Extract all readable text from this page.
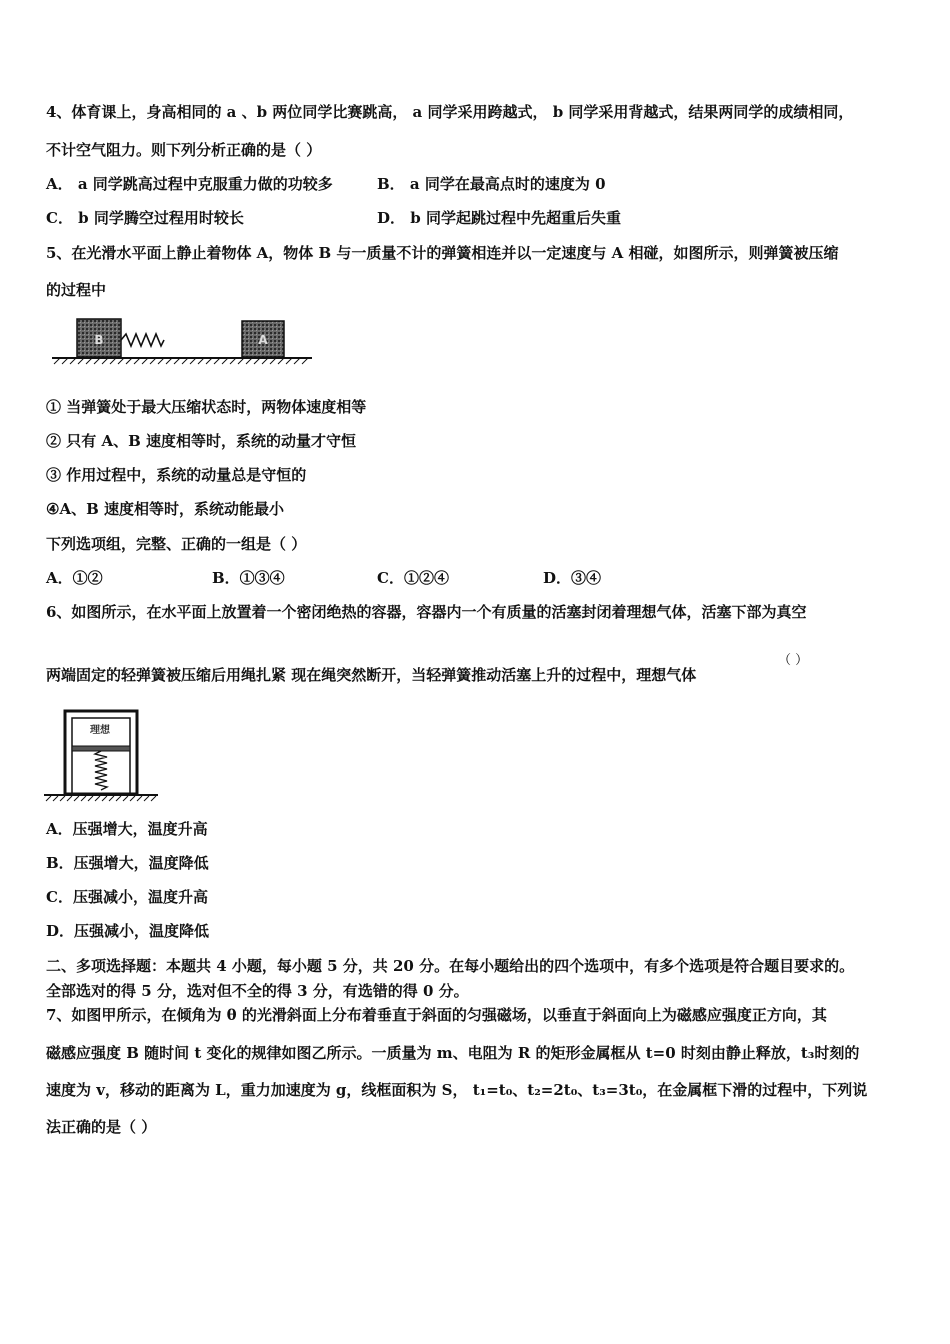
4、体育课上，身高相同的 a 、b 两位同学比赛跳高， a 同学采用跨越式， b 同学采用背越式，结果两同学的成绩相同，
不计空气阻力。则下列分析正确的是（ ）
A． a 同学跳高过程中克服重力做的功较多	B． a 同学在最高点时的速度为 0
C． b 同学腾空过程用时较长	D． b 同学起跳过程中先超重后失重
5、在光滑水平面上静止着物体 A，物体 B 与一质量不计的弹簧相连并以一定速度与 A 相碰，如图所示，则弹簧被压缩
的过程中
B	A
① 当弹簧处于最大压缩状态时，两物体速度相等
② 只有 A、B 速度相等时，系统的动量才守恒
③ 作用过程中，系统的动量总是守恒的
④A、B 速度相等时，系统动能最小
下列选项组，完整、正确的一组是（ ）
A．①②	B．①③④	C．①②④	D．③④
6、如图所示，在水平面上放置着一个密闭绝热的容器，容器内一个有质量的活塞封闭着理想气体，活塞下部为真空
两端固定的轻弹簧被压缩后用绳扎紧 现在绳突然断开，当轻弹簧推动活塞上升的过程中，理想气体
（ ）
理想
A．压强增大，温度升高
B．压强增大，温度降低
C．压强减小，温度升高
D．压强减小，温度降低
二、多项选择题：本题共 4 小题，每小题 5 分，共 20 分。在每小题给出的四个选项中，有多个选项是符合题目要求的。
全部选对的得 5 分，选对但不全的得 3 分，有选错的得 0 分。
7、如图甲所示，在倾角为 θ 的光滑斜面上分布着垂直于斜面的匀强磁场，以垂直于斜面向上为磁感应强度正方向，其
磁感应强度 B 随时间 t 变化的规律如图乙所示。一质量为 m、电阻为 R 的矩形金属框从 t=0 时刻由静止释放，t₃时刻的
速度为 v，移动的距离为 L，重力加速度为 g，线框面积为 S， t₁=t₀、t₂=2t₀、t₃=3t₀，在金属框下滑的过程中，下列说
法正确的是（ ）
